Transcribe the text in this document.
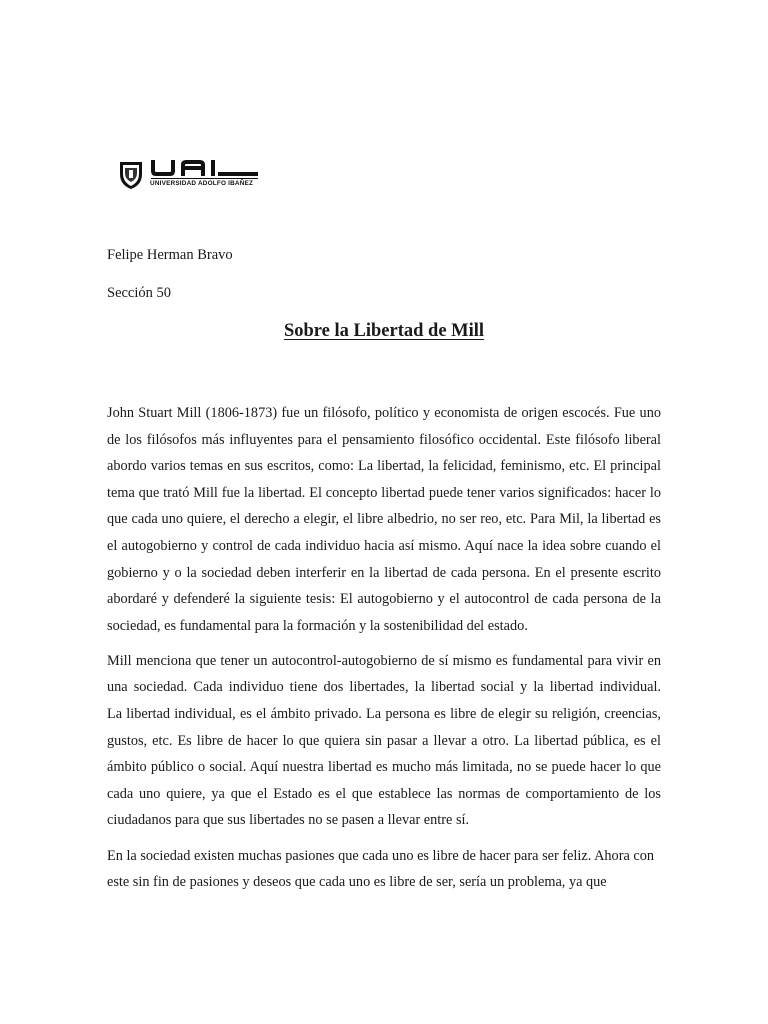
UNIVERSIDAD ADOLFO IBAÑEZ
Felipe Herman Bravo
Sección 50
Sobre la Libertad de Mill

John Stuart Mill (1806-1873) fue un filósofo, político y economista de origen escocés. Fue uno de los filósofos más influyentes para el pensamiento filosófico occidental. Este filósofo liberal abordo varios temas en sus escritos, como: La libertad, la felicidad, feminismo, etc. El principal tema que trató Mill fue la libertad. El concepto libertad puede tener varios significados: hacer lo que cada uno quiere, el derecho a elegir, el libre albedrio, no ser reo, etc. Para Mil, la libertad es el autogobierno y control de cada individuo hacia así mismo. Aquí nace la idea sobre cuando el gobierno y o la sociedad deben interferir en la libertad de cada persona. En el presente escrito abordaré y defenderé la siguiente tesis: El autogobierno y el autocontrol de cada persona de la sociedad, es fundamental para la formación y la sostenibilidad del estado.

Mill menciona que tener un autocontrol-autogobierno de sí mismo es fundamental para vivir en una sociedad. Cada individuo tiene dos libertades, la libertad social y la libertad individual.        La libertad individual, es el ámbito privado. La persona es libre de elegir su religión, creencias, gustos, etc. Es libre de hacer lo que quiera sin pasar a llevar a otro. La libertad pública, es el ámbito público o social. Aquí nuestra libertad es mucho más limitada, no se puede hacer lo que cada uno quiere, ya que el Estado es el que establece las normas de comportamiento de los ciudadanos para que sus libertades no se pasen a llevar entre sí.

En la sociedad existen muchas pasiones que cada uno es libre de hacer para ser feliz. Ahora con este sin fin de pasiones y deseos que cada uno es libre de ser, sería un problema, ya que
